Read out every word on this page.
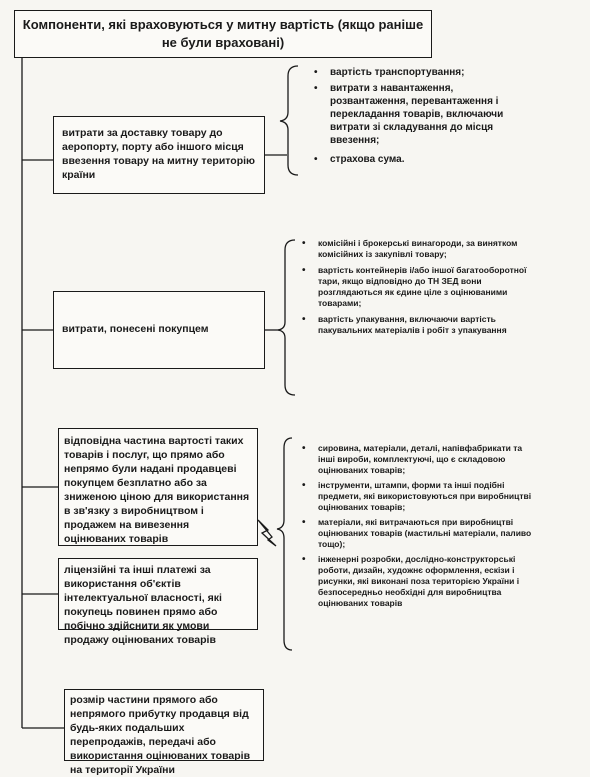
Компоненти, які враховуються у митну вартість (якщо раніше не були враховані)
витрати за доставку товару до аеропорту, порту або іншого місця ввезення товару на митну територію країни
витрати, понесені покупцем
відповідна частина вартості таких товарів і послуг, що прямо або непрямо були надані продавцеві покупцем безплатно або за зниженою ціною для використання в зв'язку з виробництвом і продажем на вивезення оцінюваних товарів
ліцензійні та інші платежі за використання об'єктів інтелектуальної власності, які покупець повинен прямо або побічно здійснити як умови продажу оцінюваних товарів
розмір частини прямого або непрямого прибутку продавця від будь-яких подальших перепродажів, передачі або використання оцінюваних товарів на території України
• вартість транспортування;
• витрати з навантаження, розвантаження, перевантаження і перекладання товарів, включаючи витрати зі складування до місця ввезення;
• страхова сума.
• комісійні і брокерські винагороди, за винятком комісійних із закупівлі товару;
• вартість контейнерів і/або іншої багатооборотної тари, якщо відповідно до ТН ЗЕД вони розглядаються як єдине ціле з оцінюваними товарами;
• вартість упакування, включаючи вартість пакувальних матеріалів і робіт з упакування
• сировина, матеріали, деталі, напівфабрикати та інші вироби, комплектуючі, що є складовою оцінюваних товарів;
• інструменти, штампи, форми та інші подібні предмети, які використовуються при виробництві оцінюваних товарів;
• матеріали, які витрачаються при виробництві оцінюваних товарів (мастильні матеріали, паливо тощо);
• інженерні розробки, дослідно-конструкторські роботи, дизайн, художнє оформлення, ескізи і рисунки, які виконані поза територією України і безпосередньо необхідні для виробництва оцінюваних товарів
